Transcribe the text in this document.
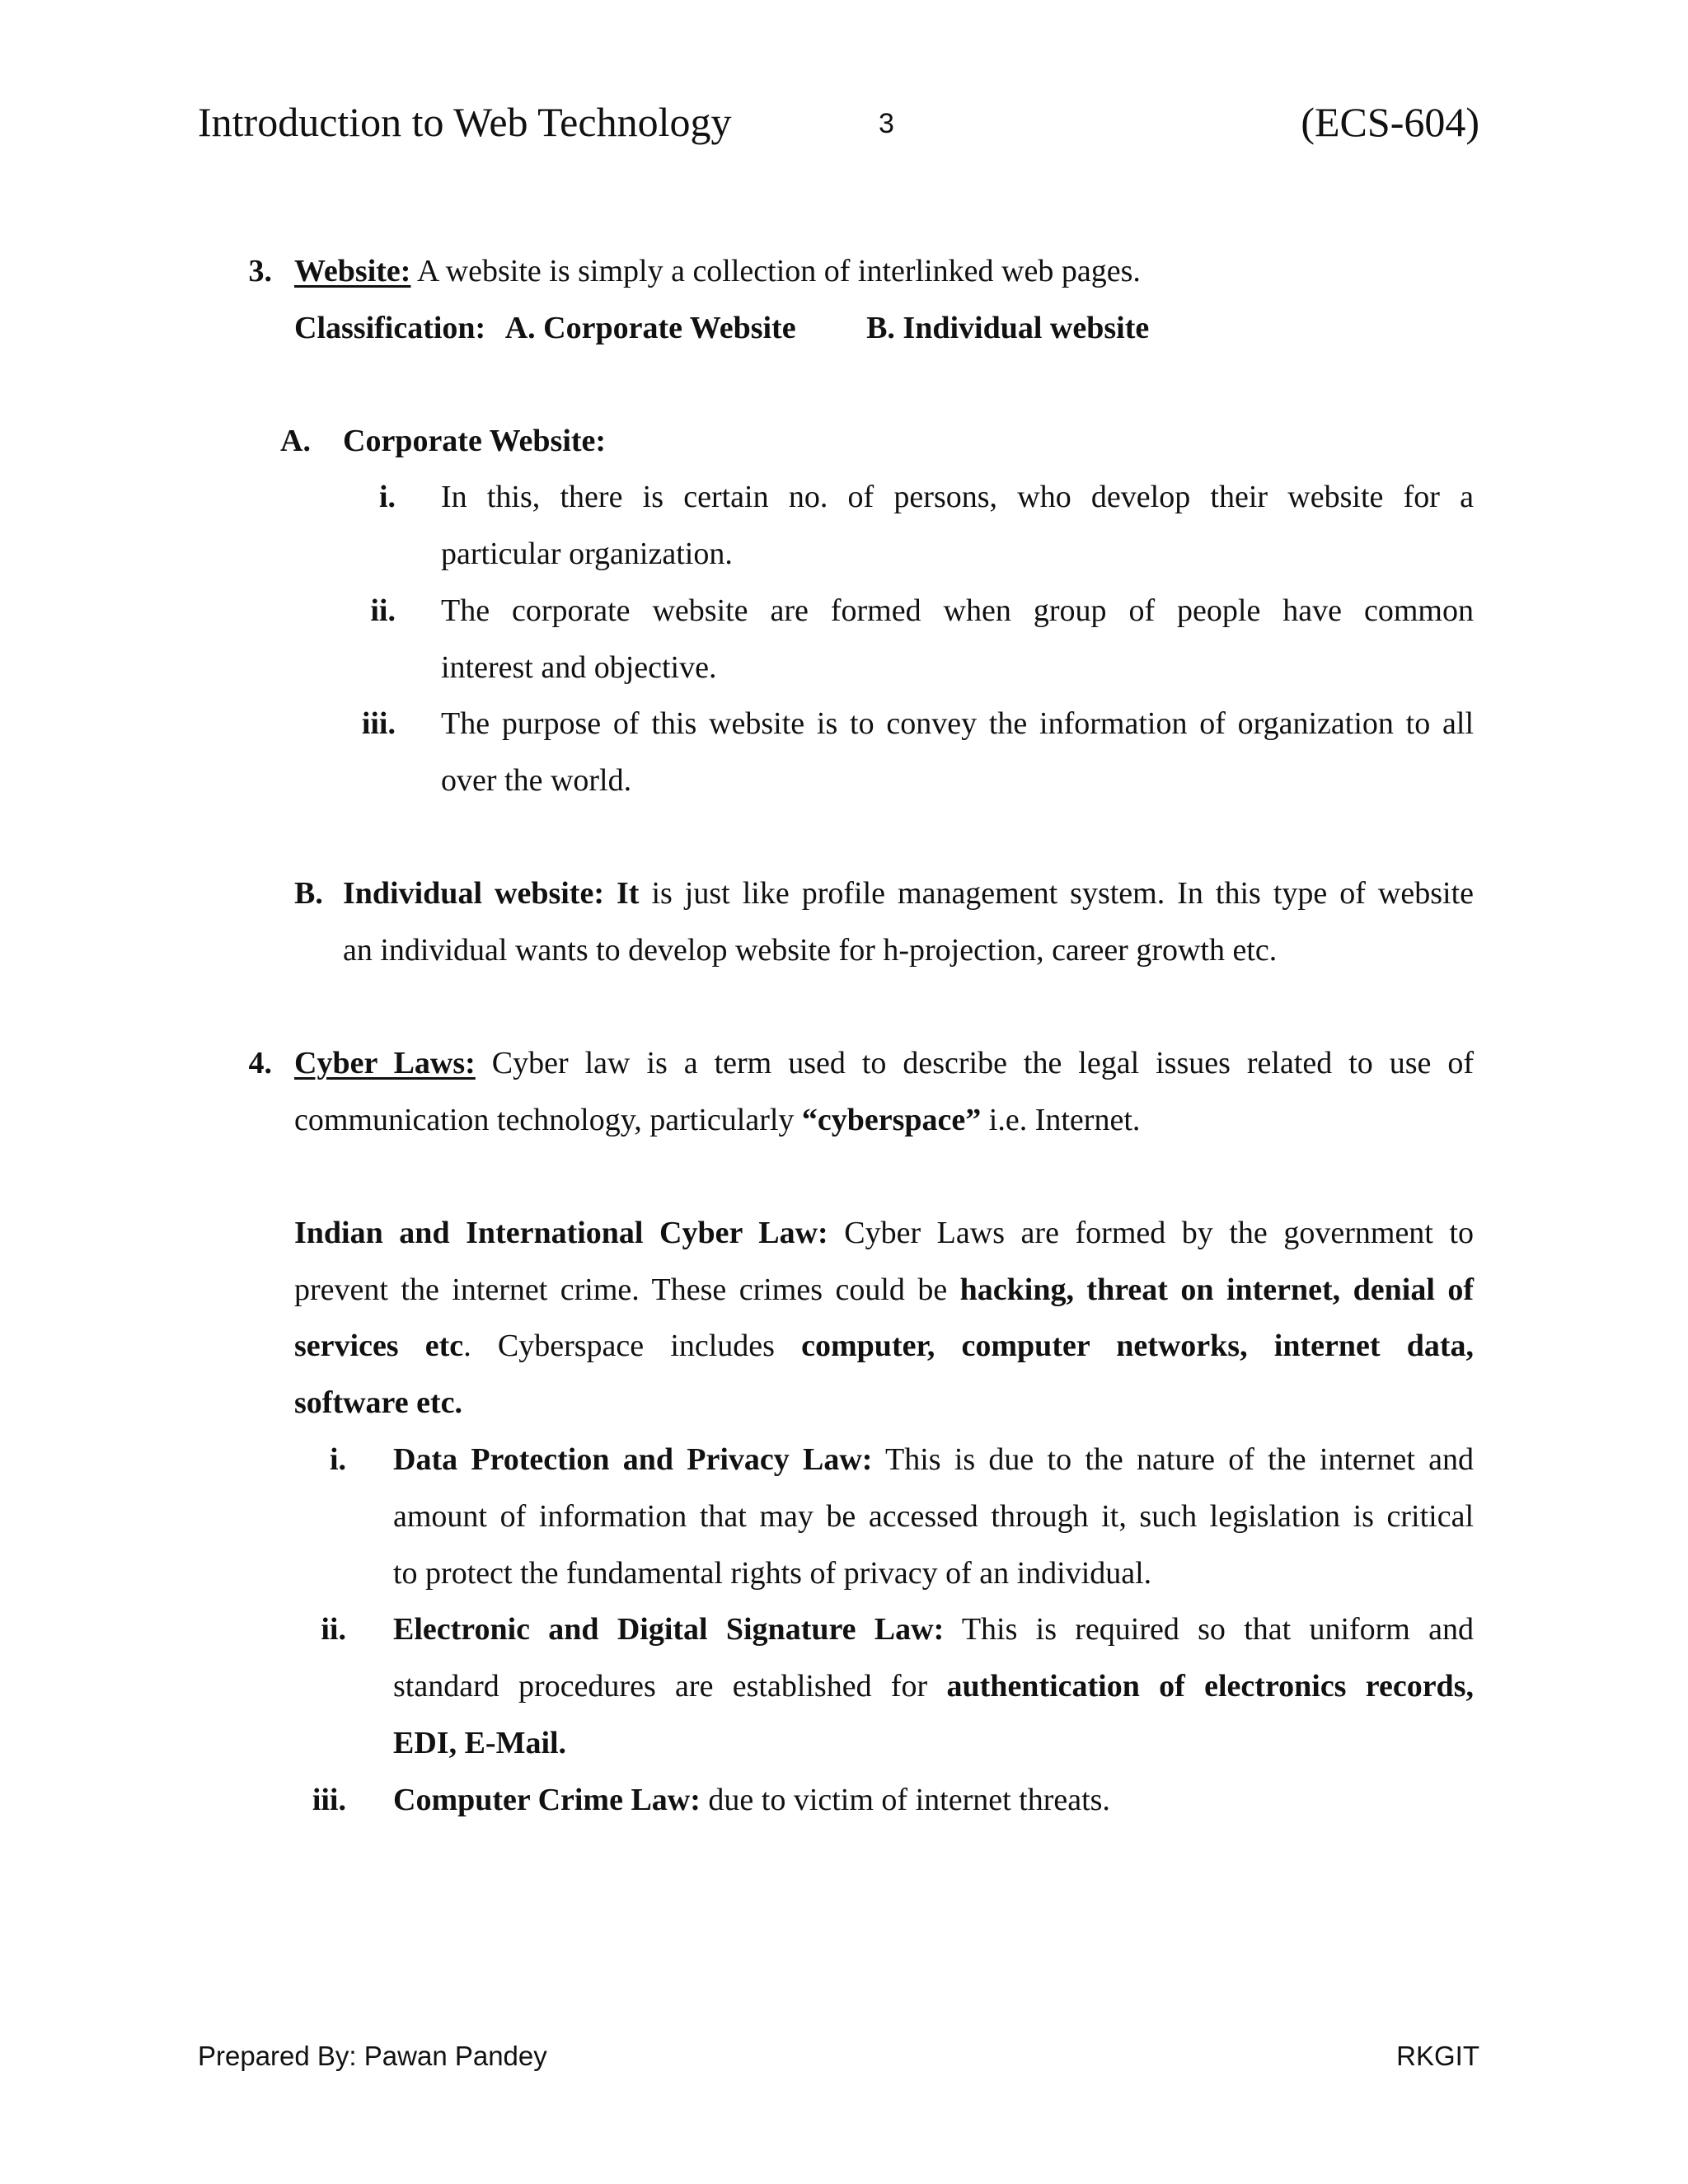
Introduction to Web Technology	3	(ECS-604)
3. Website: A website is simply a collection of interlinked web pages.
Classification: A. Corporate Website B. Individual website
A.	Corporate Website:
i. In this, there is certain no. of persons, who develop their website for a
particular organization.
ii. The corporate website are formed when group of people have common
interest and objective.
iii. The purpose of this website is to convey the information of organization to all
over the world.
B. Individual website: It is just like profile management system. In this type of website
an individual wants to develop website for h-projection, career growth etc.
4. Cyber Laws: Cyber law is a term used to describe the legal issues related to use of
communication technology, particularly “cyberspace” i.e. Internet.
Indian and International Cyber Law: Cyber Laws are formed by the government to
prevent the internet crime. These crimes could be hacking, threat on internet, denial of
services etc. Cyberspace includes computer, computer networks, internet data,
software etc.
i. Data Protection and Privacy Law: This is due to the nature of the internet and
amount of information that may be accessed through it, such legislation is critical
to protect the fundamental rights of privacy of an individual.
ii. Electronic and Digital Signature Law: This is required so that uniform and
standard procedures are established for authentication of electronics records,
EDI, E-Mail.
iii. Computer Crime Law: due to victim of internet threats.
Prepared By: Pawan Pandey	RKGIT
